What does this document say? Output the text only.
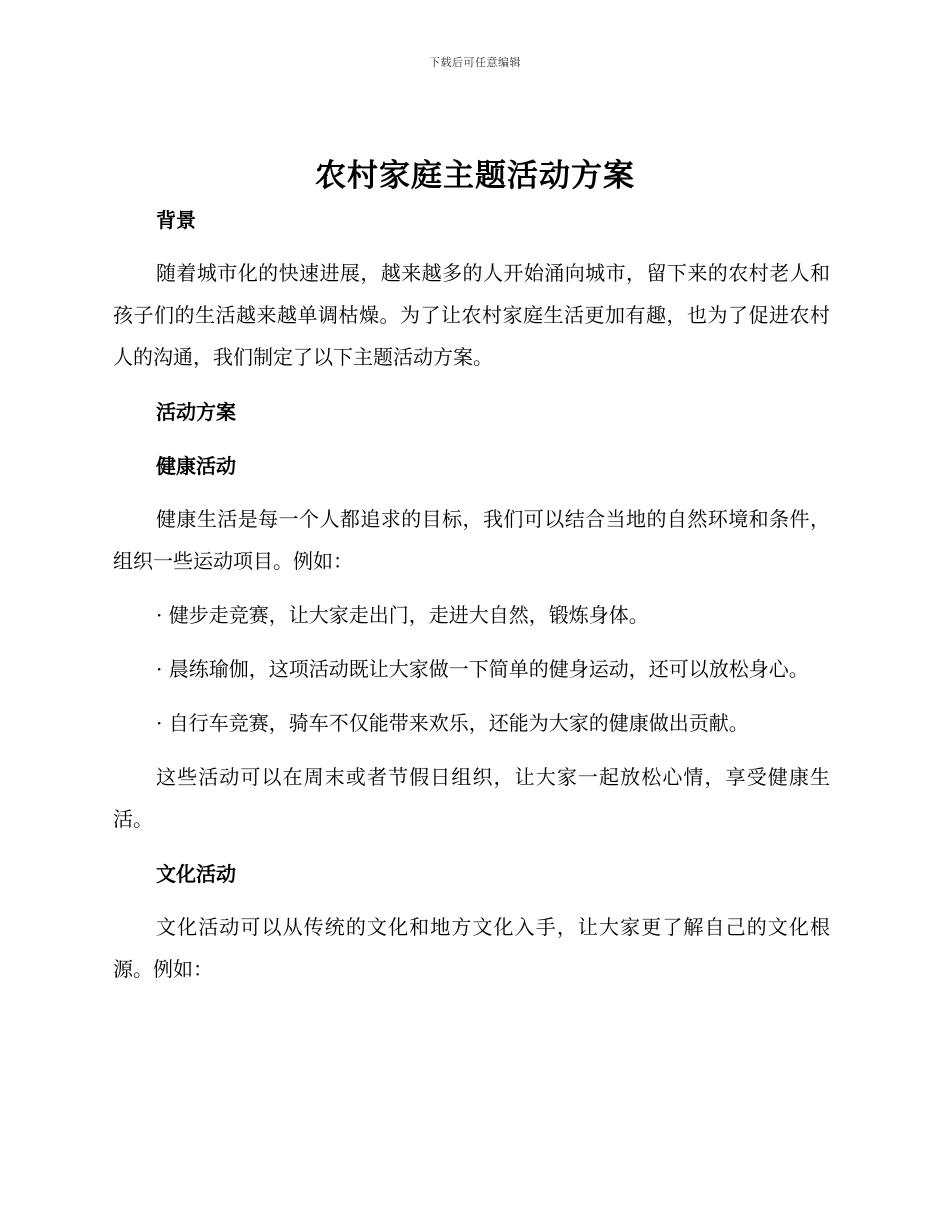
下载后可任意编辑
农村家庭主题活动方案
背景

随着城市化的快速进展，越来越多的人开始涌向城市，留下来的农村老人和孩子们的生活越来越单调枯燥。为了让农村家庭生活更加有趣，也为了促进农村人的沟通，我们制定了以下主题活动方案。

活动方案
健康活动

健康生活是每一个人都追求的目标，我们可以结合当地的自然环境和条件，组织一些运动项目。例如：

· 健步走竞赛，让大家走出门，走进大自然，锻炼身体。

· 晨练瑜伽，这项活动既让大家做一下简单的健身运动，还可以放松身心。

· 自行车竞赛，骑车不仅能带来欢乐，还能为大家的健康做出贡献。

这些活动可以在周末或者节假日组织，让大家一起放松心情，享受健康生活。

文化活动

文化活动可以从传统的文化和地方文化入手，让大家更了解自己的文化根源。例如：
